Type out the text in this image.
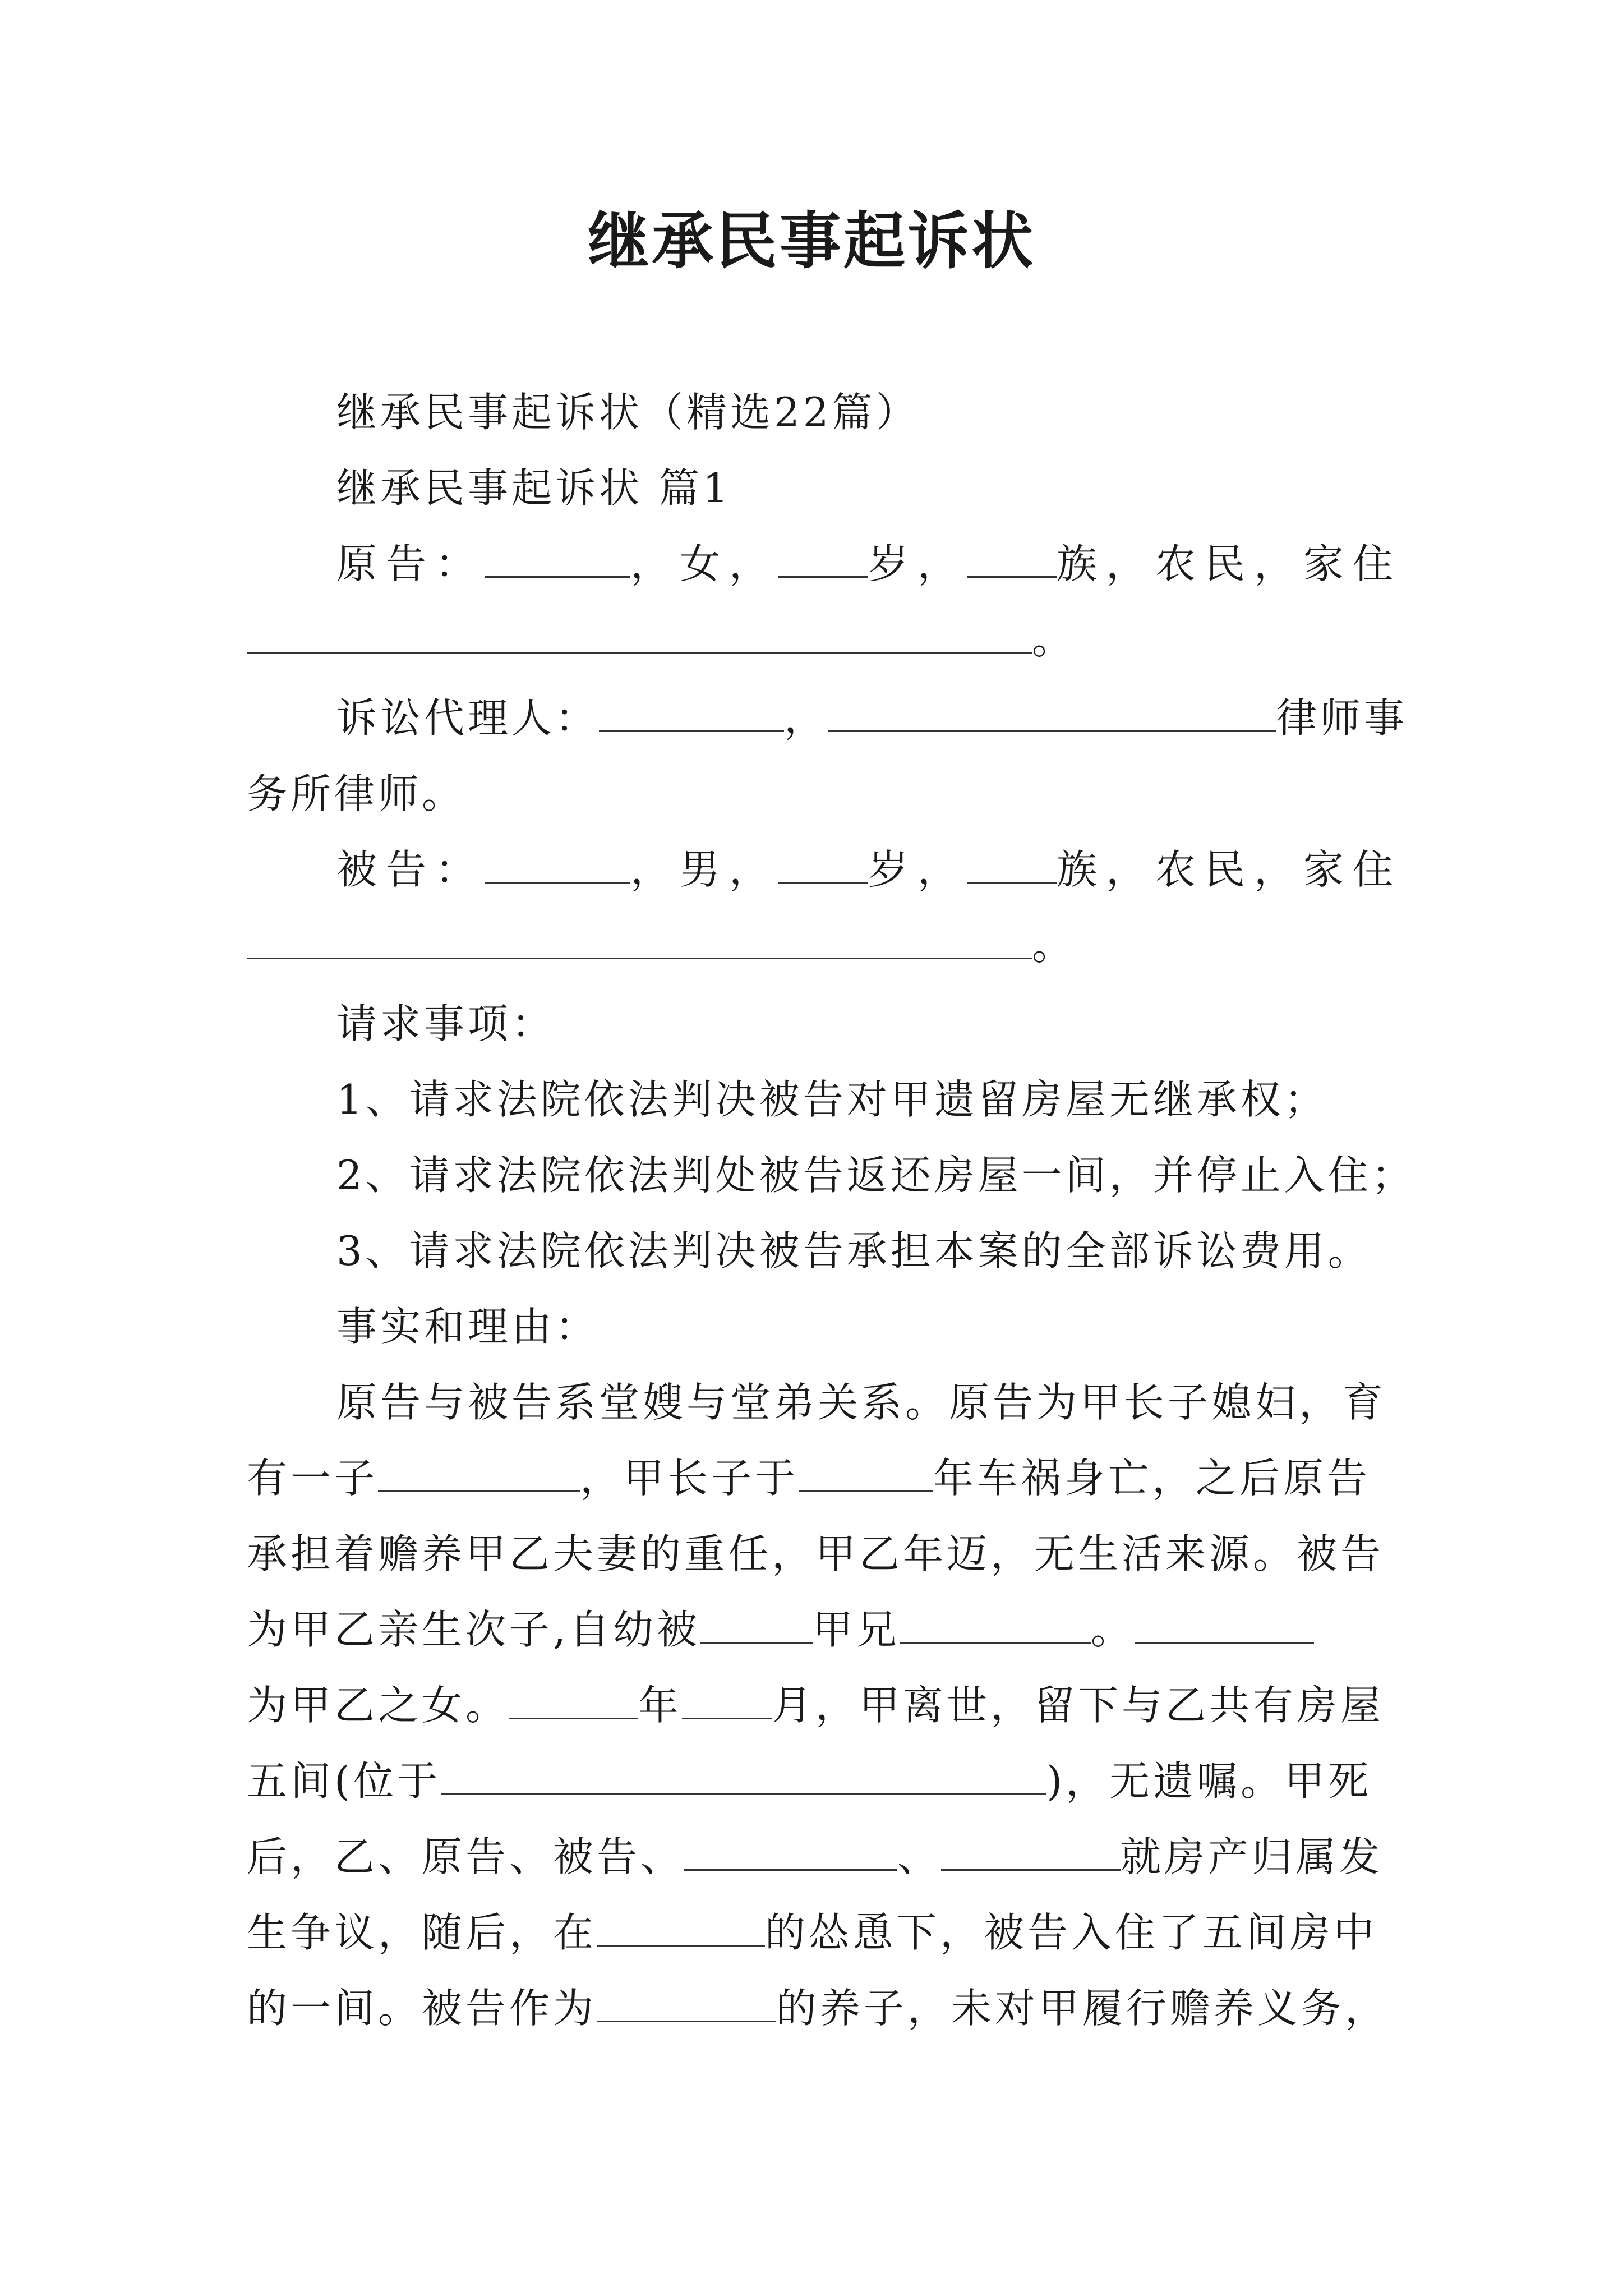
继承民事起诉状
继承民事起诉状（精选22篇）
继承民事起诉状 篇1
原告：	，女， 岁， 族，农民，家住
。
诉讼代理人：	，	律师事
务所律师。
被告：	，男， 岁， 族，农民，家住
。
请求事项：
1、请求法院依法判决被告对甲遗留房屋无继承权；
2、请求法院依法判处被告返还房屋一间，并停止入住；
3、请求法院依法判决被告承担本案的全部诉讼费用。
事实和理由：
原告与被告系堂嫂与堂弟关系。原告为甲长子媳妇，育
有一子	，甲长子于	年车祸身亡，之后原告
承担着赡养甲乙夫妻的重任，甲乙年迈，无生活来源。被告
为甲乙亲生次子,自幼被	甲兄	。
为甲乙之女。	年 月，甲离世，留下与乙共有房屋
五间(位于	)，无遗嘱。甲死
后，乙、原告、被告、	、	就房产归属发
生争议，随后，在	的怂恿下，被告入住了五间房中
的一间。被告作为	的养子，未对甲履行赡养义务，
